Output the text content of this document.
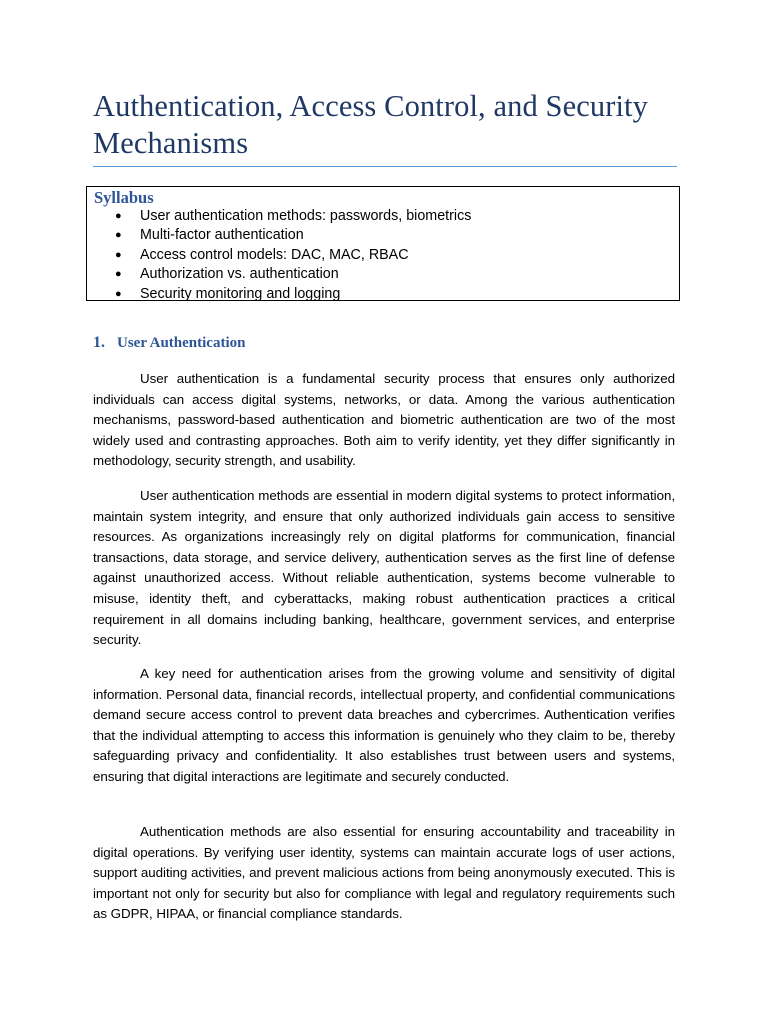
Authentication, Access Control, and Security Mechanisms
Syllabus
● User authentication methods: passwords, biometrics
● Multi-factor authentication
● Access control models: DAC, MAC, RBAC
● Authorization vs. authentication
● Security monitoring and logging
1. User Authentication

User authentication is a fundamental security process that ensures only authorized individuals can access digital systems, networks, or data. Among the various authentication mechanisms, password-based authentication and biometric authentication are two of the most widely used and contrasting approaches. Both aim to verify identity, yet they differ significantly in methodology, security strength, and usability.

User authentication methods are essential in modern digital systems to protect information, maintain system integrity, and ensure that only authorized individuals gain access to sensitive resources. As organizations increasingly rely on digital platforms for communication, financial transactions, data storage, and service delivery, authentication serves as the first line of defense against unauthorized access. Without reliable authentication, systems become vulnerable to misuse, identity theft, and cyberattacks, making robust authentication practices a critical requirement in all domains including banking, healthcare, government services, and enterprise security.

A key need for authentication arises from the growing volume and sensitivity of digital information. Personal data, financial records, intellectual property, and confidential communications demand secure access control to prevent data breaches and cybercrimes. Authentication verifies that the individual attempting to access this information is genuinely who they claim to be, thereby safeguarding privacy and confidentiality. It also establishes trust between users and systems, ensuring that digital interactions are legitimate and securely conducted.

Authentication methods are also essential for ensuring accountability and traceability in digital operations. By verifying user identity, systems can maintain accurate logs of user actions, support auditing activities, and prevent malicious actions from being anonymously executed. This is important not only for security but also for compliance with legal and regulatory requirements such as GDPR, HIPAA, or financial compliance standards.
